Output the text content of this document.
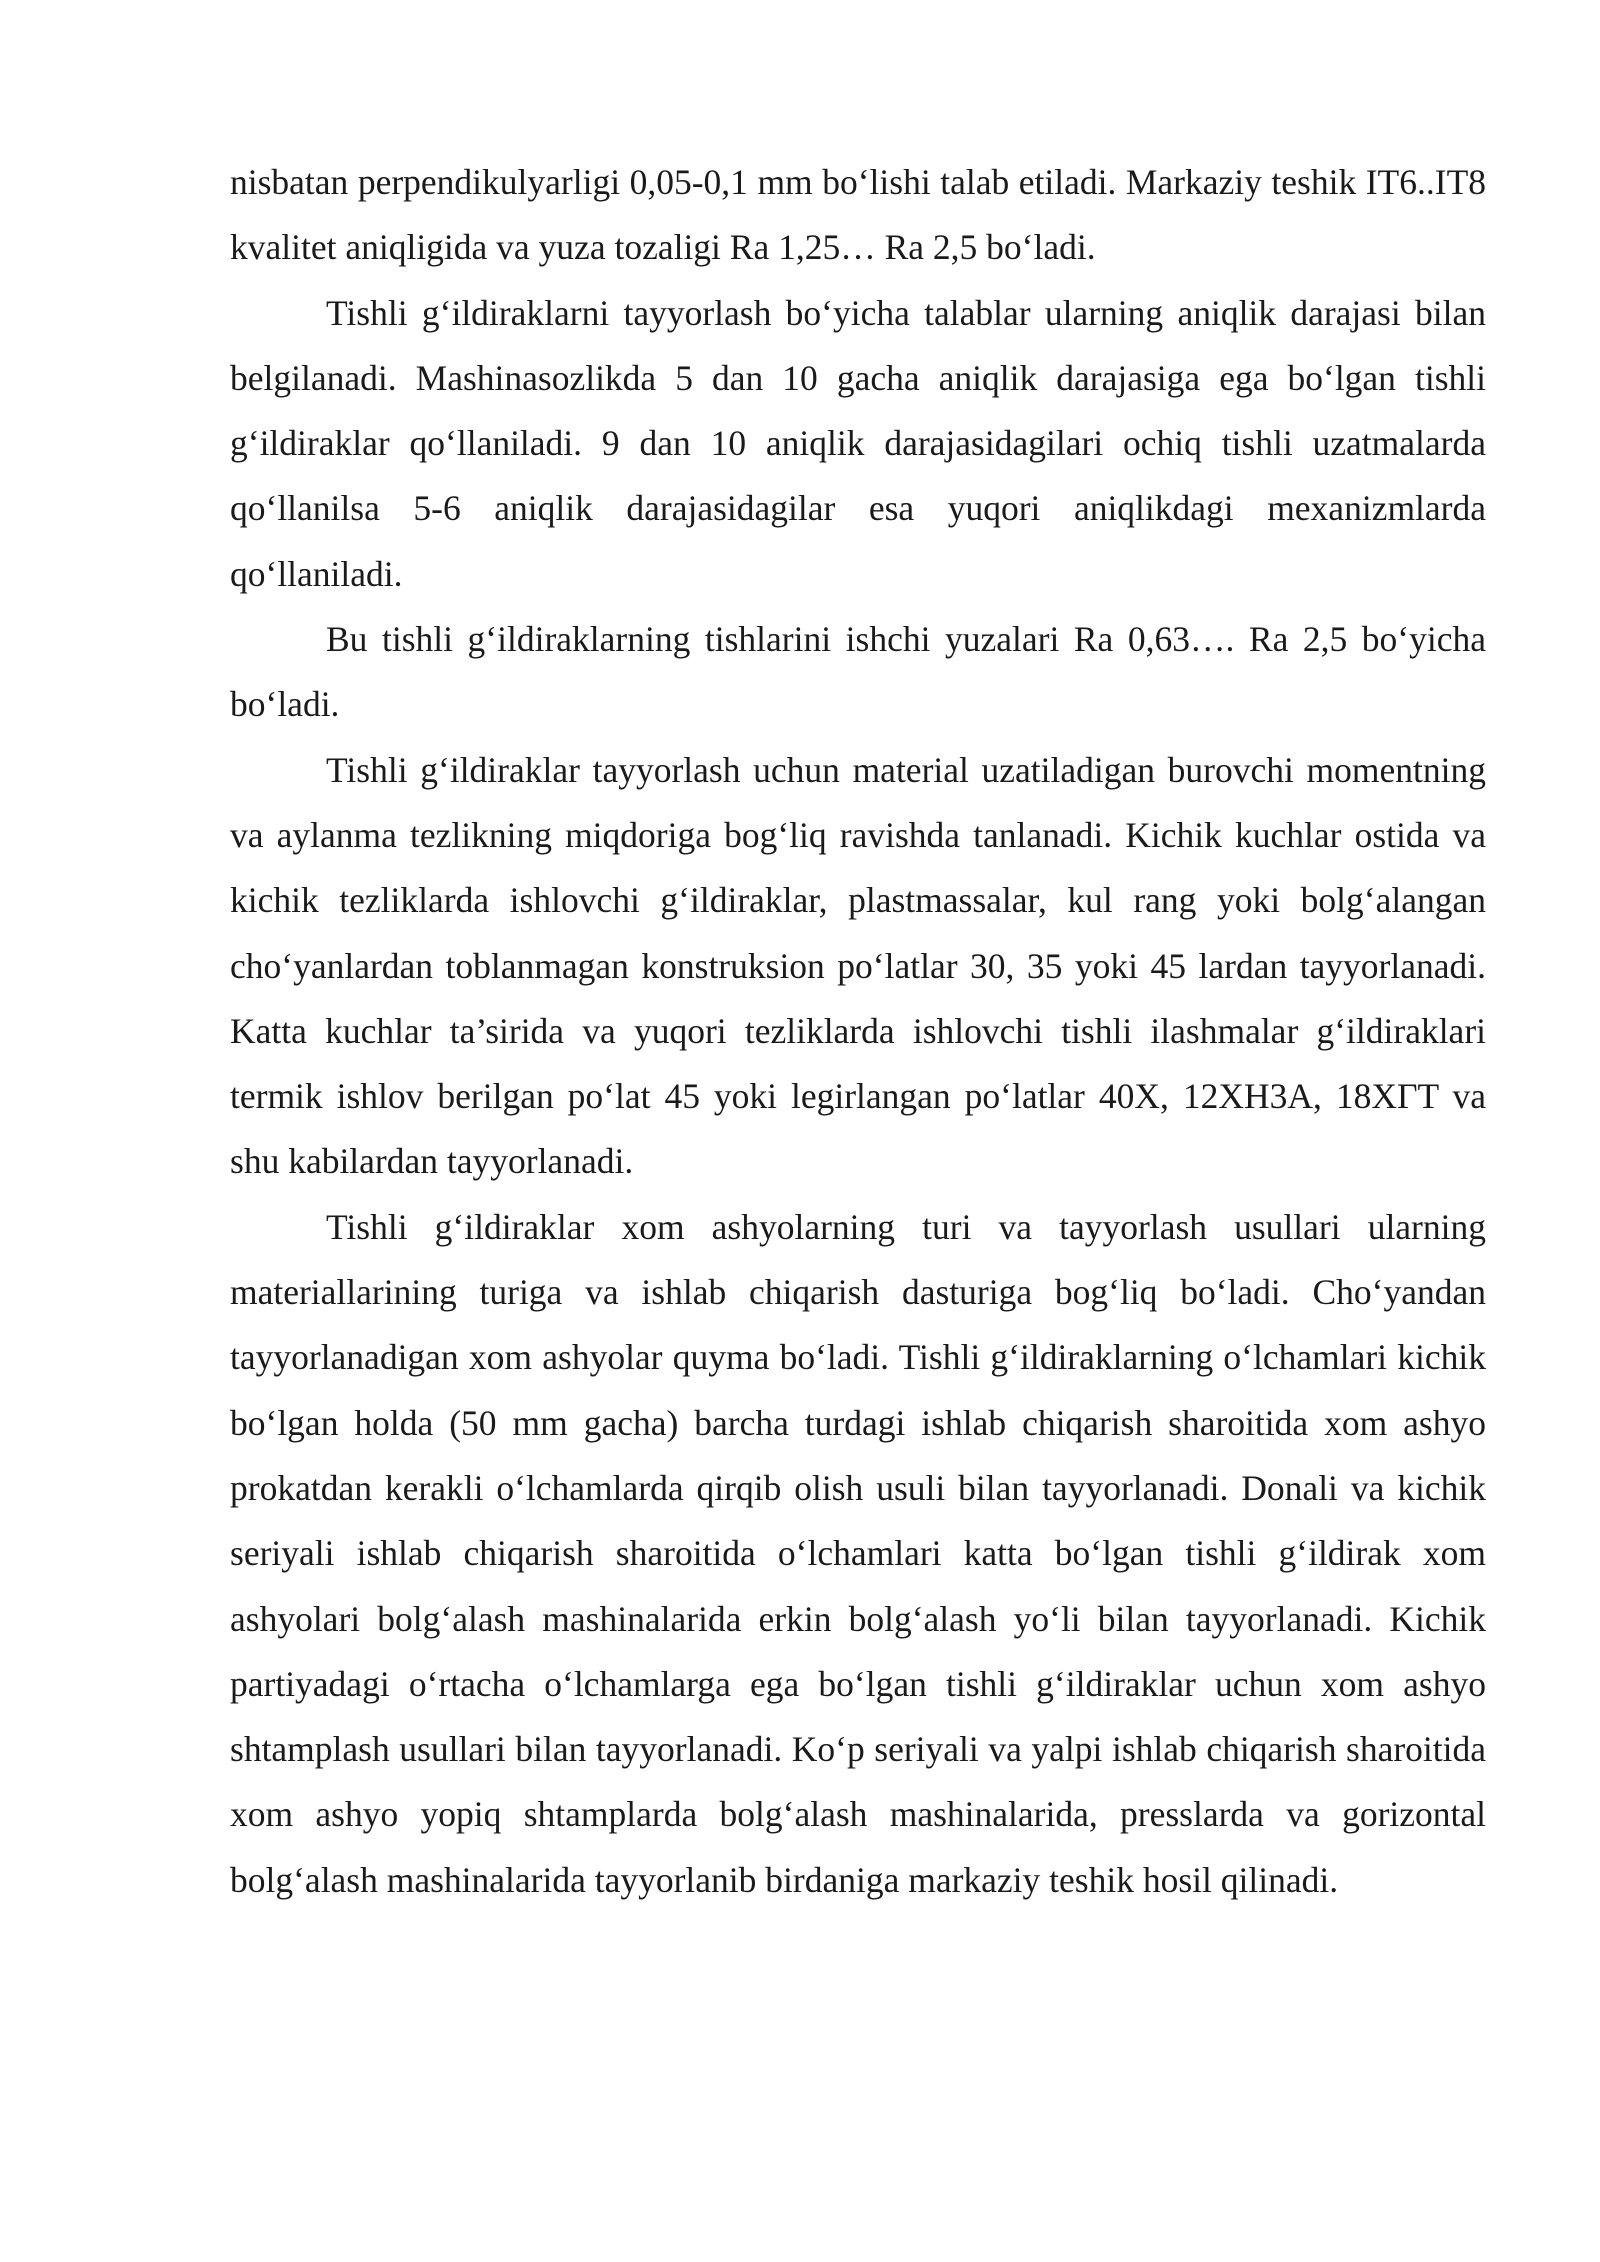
nisbatan perpendikulyarligi 0,05-0,1 mm bo‘lishi talab etiladi. Markaziy teshik IT6..IT8 kvalitet aniqligida va yuza tozaligi Ra 1,25… Ra 2,5 bo‘ladi.

Tishli g‘ildiraklarni tayyorlash bo‘yicha talablar ularning aniqlik darajasi bilan belgilanadi. Mashinasozlikda 5 dan 10 gacha aniqlik darajasiga ega bo‘lgan tishli g‘ildiraklar qo‘llaniladi. 9 dan 10 aniqlik darajasidagilari ochiq tishli uzatmalarda qo‘llanilsa 5-6 aniqlik darajasidagilar esa yuqori aniqlikdagi mexanizmlarda qo‘llaniladi.

Bu tishli g‘ildiraklarning tishlarini ishchi yuzalari Ra 0,63…. Ra 2,5 bo‘yicha bo‘ladi.

Tishli g‘ildiraklar tayyorlash uchun material uzatiladigan burovchi momentning va aylanma tezlikning miqdoriga bog‘liq ravishda tanlanadi. Kichik kuchlar ostida va kichik tezliklarda ishlovchi g‘ildiraklar, plastmassalar, kul rang yoki bolg‘alangan cho‘yanlardan toblanmagan konstruksion po‘latlar 30, 35 yoki 45 lardan tayyorlanadi. Katta kuchlar ta’sirida va yuqori tezliklarda ishlovchi tishli ilashmalar g‘ildiraklari termik ishlov berilgan po‘lat 45 yoki legirlangan po‘latlar 40X, 12XH3A, 18XГT va shu kabilardan tayyorlanadi.

Tishli g‘ildiraklar xom ashyolarning turi va tayyorlash usullari ularning materiallarining turiga va ishlab chiqarish dasturiga bog‘liq bo‘ladi. Cho‘yandan tayyorlanadigan xom ashyolar quyma bo‘ladi. Tishli g‘ildiraklarning o‘lchamlari kichik bo‘lgan holda (50 mm gacha) barcha turdagi ishlab chiqarish sharoitida xom ashyo prokatdan kerakli o‘lchamlarda qirqib olish usuli bilan tayyorlanadi. Donali va kichik seriyali ishlab chiqarish sharoitida o‘lchamlari katta bo‘lgan tishli g‘ildirak xom ashyolari bolg‘alash mashinalarida erkin bolg‘alash yo‘li bilan tayyorlanadi. Kichik partiyadagi o‘rtacha o‘lchamlarga ega bo‘lgan tishli g‘ildiraklar uchun xom ashyo shtamplash usullari bilan tayyorlanadi. Ko‘p seriyali va yalpi ishlab chiqarish sharoitida xom ashyo yopiq shtamplarda bolg‘alash mashinalarida, presslarda va gorizontal bolg‘alash mashinalarida tayyorlanib birdaniga markaziy teshik hosil qilinadi.
